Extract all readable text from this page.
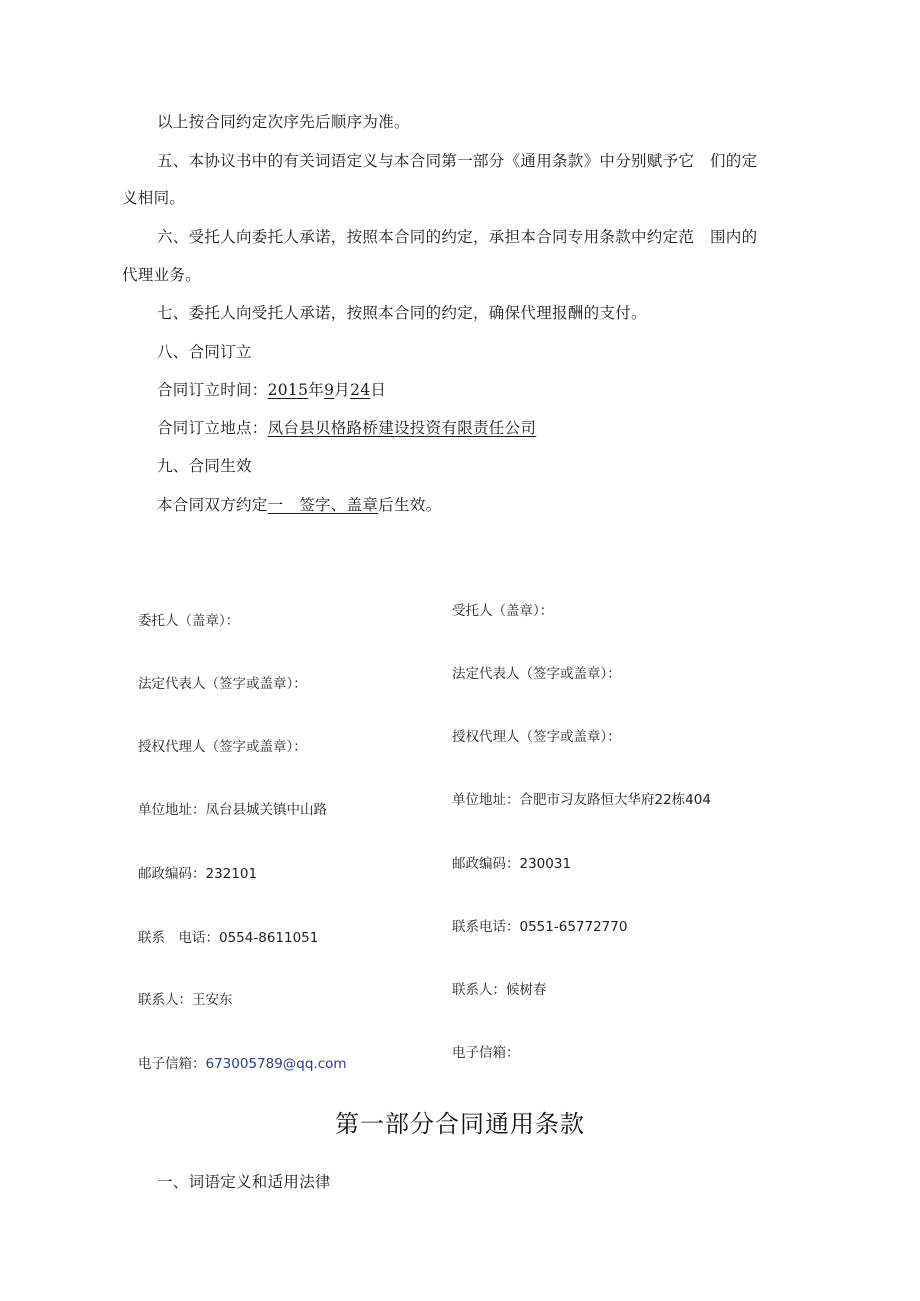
以上按合同约定次序先后顺序为准。
五、本协议书中的有关词语定义与本合同第一部分《通用条款》中分别赋予它　们的定
义相同。
六、受托人向委托人承诺，按照本合同的约定，承担本合同专用条款中约定范　围内的
代理业务。
七、委托人向受托人承诺，按照本合同的约定，确保代理报酬的支付。
八、合同订立
合同订立时间：2015年9月24日
合同订立地点：凤台县贝格路桥建设投资有限责任公司
九、合同生效
本合同双方约定一　签字、盖章后生效。
委托人（盖章）：
法定代表人（签字或盖章）：
授权代理人（签字或盖章）：
单位地址：凤台县城关镇中山路
邮政编码：232101
联系　电话：0554-8611051
联系人：王安东
电子信箱：673005789@qq.com
受托人（盖章）：
法定代表人（签字或盖章）：
授权代理人（签字或盖章）：
单位地址：合肥市习友路恒大华府22栋404
邮政编码：230031
联系电话：0551-65772770
联系人：候树春
电子信箱：
第一部分合同通用条款
一、词语定义和适用法律
